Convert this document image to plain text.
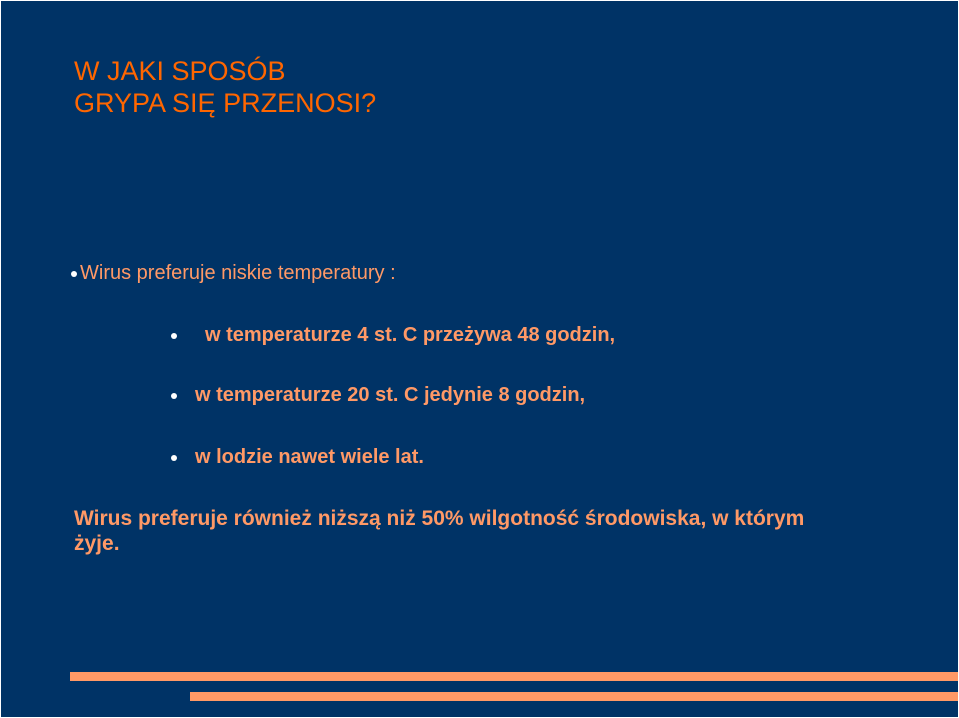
W JAKI SPOSÓB
GRYPA SIĘ PRZENOSI?
Wirus preferuje niskie temperatury :
w temperaturze 4 st. C przeżywa 48 godzin,
w temperaturze 20 st. C jedynie 8 godzin,
w lodzie nawet wiele lat.

Wirus preferuje również niższą niż 50% wilgotność środowiska, w którym żyje.
